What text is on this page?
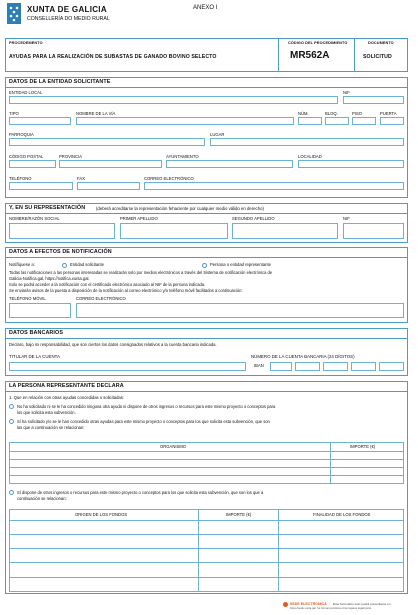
XUNTA DE GALICIA
CONSELLERÍA DO MEDIO RURAL
ANEXO I
PROCEDEMENTO
AYUDAS PARA LA REALIZACIÓN DE SUBASTAS DE GANADO BOVINO SELECTO
CÓDIGO DEL PROCEDIMIENTO
MR562A
DOCUMENTO
SOLICITUD
DATOS DE LA ENTIDAD SOLICITANTE
ENTIDAD LOCAL	NIF
TIPO	NOMBRE DE LA VÍA	NÚM.	BLOQ.	PISO	PUERTA
PARROQUIA	LUGAR
CÓDIGO POSTAL	PROVINCIA	AYUNTAMIENTO	LOCALIDAD
TELÉFONO	FAX	CORREO ELECTRÓNICO
Y, EN SU REPRESENTACIÓN	(deberá acreditarse la representación fehaciente por cualquier medio válido en derecho)
NOMBRE/RAZÓN SOCIAL	PRIMER APELLIDO	SEGUNDO APELLIDO	NIF
DATOS A EFECTOS DE NOTIFICACIÓN
Notifíquese a:	Entidad solicitante	Persona o entidad representante
Todas las notificaciones a las personas interesadas se realizarán solo por medios electrónicos a través del Sistema de notificación electrónica de
Galicia-Notifica.gal, https://notifica.xunta.gal.
Solo se podrá acceder a la notificación con el certificado electrónico asociado al NIF de la persona indicada.
Se enviarán avisos de la puesta a disposición de la notificación al correo electrónico y/o teléfono móvil facilitados a continuación:
TELÉFONO MÓVIL	CORREO ELECTRÓNICO
DATOS BANCARIOS
Declaro, bajo mi responsabilidad, que son ciertos los datos consignados relativos a la cuenta bancaria indicada.
TITULAR DE LA CUENTA	NÚMERO DE LA CUENTA BANCARIA (24 DÍGITOS)
IBAN
LA PERSONA REPRESENTANTE DECLARA
1. Que en relación con otras ayudas concedidas o solicitadas:
No ha solicitado ni se le ha concedido ninguna otra ayuda ni dispone de otros ingresos o recursos para este mismo proyecto o conceptos para
los que solicita esta subvención.
Sí ha solicitado y/o se le han concedido otras ayudas para este mismo proyecto o conceptos para los que solicita esta subvención, que son
las que a continuación se relacionan:
ORGANISMO	IMPORTE (€)
Sí dispone de otros ingresos o recursos para este mismo proyecto o conceptos para los que solicita esta subvención, que son los que a
continuación se relacionan:
ORIGEN DE LOS FONDOS	IMPORTE (€)	FINALIDAD DE LOS FONDOS
SEDE ELECTRÓNICA Este formulario sólo podrá presentarse en
https://sede.xunta.gal. Se forman previstos otros lugares legalmente
